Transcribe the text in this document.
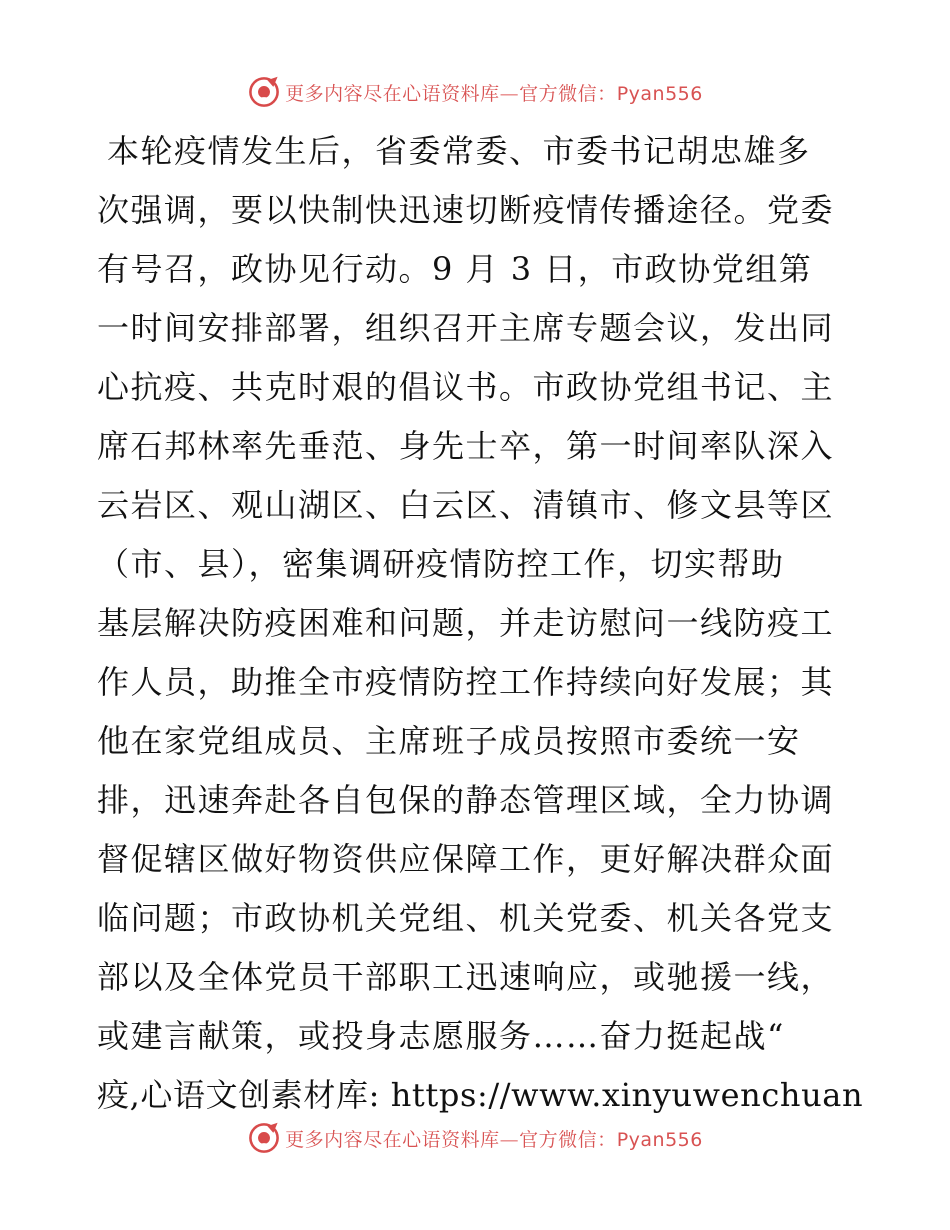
更多内容尽在心语资料库—官方微信：Pyan556
本轮疫情发生后，省委常委、市委书记胡忠雄多
次强调，要以快制快迅速切断疫情传播途径。党委
有号召，政协见行动。9 月 3 日，市政协党组第
一时间安排部署，组织召开主席专题会议，发出同
心抗疫、共克时艰的倡议书。市政协党组书记、主
席石邦林率先垂范、身先士卒，第一时间率队深入
云岩区、观山湖区、白云区、清镇市、修文县等区
（市、县），密集调研疫情防控工作，切实帮助
基层解决防疫困难和问题，并走访慰问一线防疫工
作人员，助推全市疫情防控工作持续向好发展；其
他在家党组成员、主席班子成员按照市委统一安
排，迅速奔赴各自包保的静态管理区域，全力协调
督促辖区做好物资供应保障工作，更好解决群众面
临问题；市政协机关党组、机关党委、机关各党支
部以及全体党员干部职工迅速响应，或驰援一线，
或建言献策，或投身志愿服务……奋力挺起战“
疫,心语文创素材库: https://www.xinyuwenchuan
更多内容尽在心语资料库—官方微信：Pyan556
